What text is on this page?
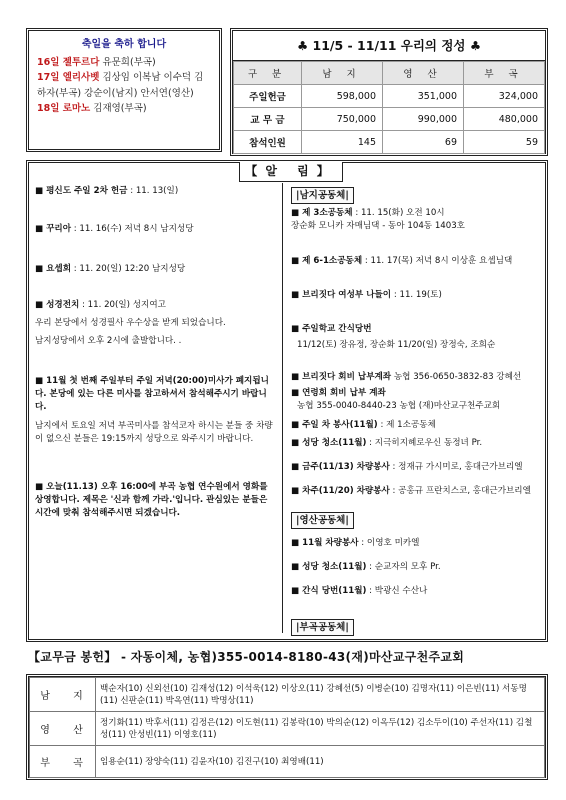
축일을 축하 합니다
16일 젤투르다 유문희(부곡)
17일 엘리사벳 김상임 이복남 이수덕 김하자(부곡) 강순이(남지) 안서연(영산)
18일 로마노 김재영(부곡)
♣ 11/5 - 11/11 우리의 정성 ♣
구 분	남 지	영 산	부 곡
주일헌금	598,000	351,000	324,000
교 무 금	750,000	990,000	480,000
참석인원	145	69	59
【알 림】
■ 평신도 주일 2차 헌금 : 11. 13(일)
■ 꾸리아 : 11. 16(수) 저녁 8시 남지성당
■ 요셉회 : 11. 20(일) 12:20 남지성당

■ 성경전치 : 11. 20(일) 성지여고

우리 본당에서 성경필사 우수상을 받게 되었습니다.

남지성당에서 오후 2시에 출발합니다. .

■ 11월 첫 번째 주일부터 주일 저녁(20:00)미사가 폐지됩니다. 본당에 있는 다른 미사를 참고하셔서 참석해주시기 바랍니다.

남지에서 토요일 저녁 부곡미사를 참석코자 하시는 분들 중 차량이 없으신 분들은 19:15까지 성당으로 와주시기 바랍니다.

■ 오늘(11.13) 오후 16:00에 부곡 농협 연수원에서 영화를 상영합니다. 제목은 '신과 함께 가라.'입니다. 관심있는 분들은 시간에 맞춰 참석해주시면 되겠습니다.

|남지공동체|

■ 제 3소공동체 : 11. 15(화) 오전 10시

장순화 모니카 자매님댁 - 동아 104동 1403호

■ 제 6-1소공동체 : 11. 17(목) 저녁 8시 이상훈 요셉님댁
■ 브리짓다 여성부 나들이 : 11. 19(토)

■ 주일학교 간식당번

11/12(토) 장유정, 장순화 11/20(일) 장정숙, 조희순

■ 브리짓다 회비 납부계좌 농협 356-0650-3832-83 강혜선

■ 연령회 회비 납부 계좌

농협 355-0040-8440-23 농협 (재)마산교구천주교회

■ 주일 차 봉사(11월) : 제 1소공동체
■ 성당 청소(11월) : 지극히지혜로우신 동정녀 Pr.
■ 금주(11/13) 차량봉사 : 정재규 가시미로, 홍대근가브리엘
■ 차주(11/20) 차량봉사 : 공홍규 프란치스코, 홍대근가브리엘
|영산공동체|
■ 11월 차량봉사 : 이영호 미카엘
■ 성당 청소(11월) : 순교자의 모후 Pr.
■ 간식 당번(11월) : 박광신 수산나
|부곡공동체|
【교무금 봉헌】 - 자동이체, 농협)355-0014-8180-43(재)마산교구천주교회
남 지	백순자(10) 신외선(10) 김재성(12) 이석욱(12) 이상오(11) 강혜선(5) 이병순(10) 김명자(11) 이은빈(11) 서동명(11) 신판순(11) 박옥연(11) 박명상(11)
영 산	정기화(11) 박후서(11) 김정은(12) 이도현(11) 김봉락(10) 박의순(12) 이옥두(12) 김소두이(10) 주선자(11) 김철성(11) 안성빈(11) 이영호(11)
부 곡	임용순(11) 장양숙(11) 김윤자(10) 김진구(10) 최영배(11)
